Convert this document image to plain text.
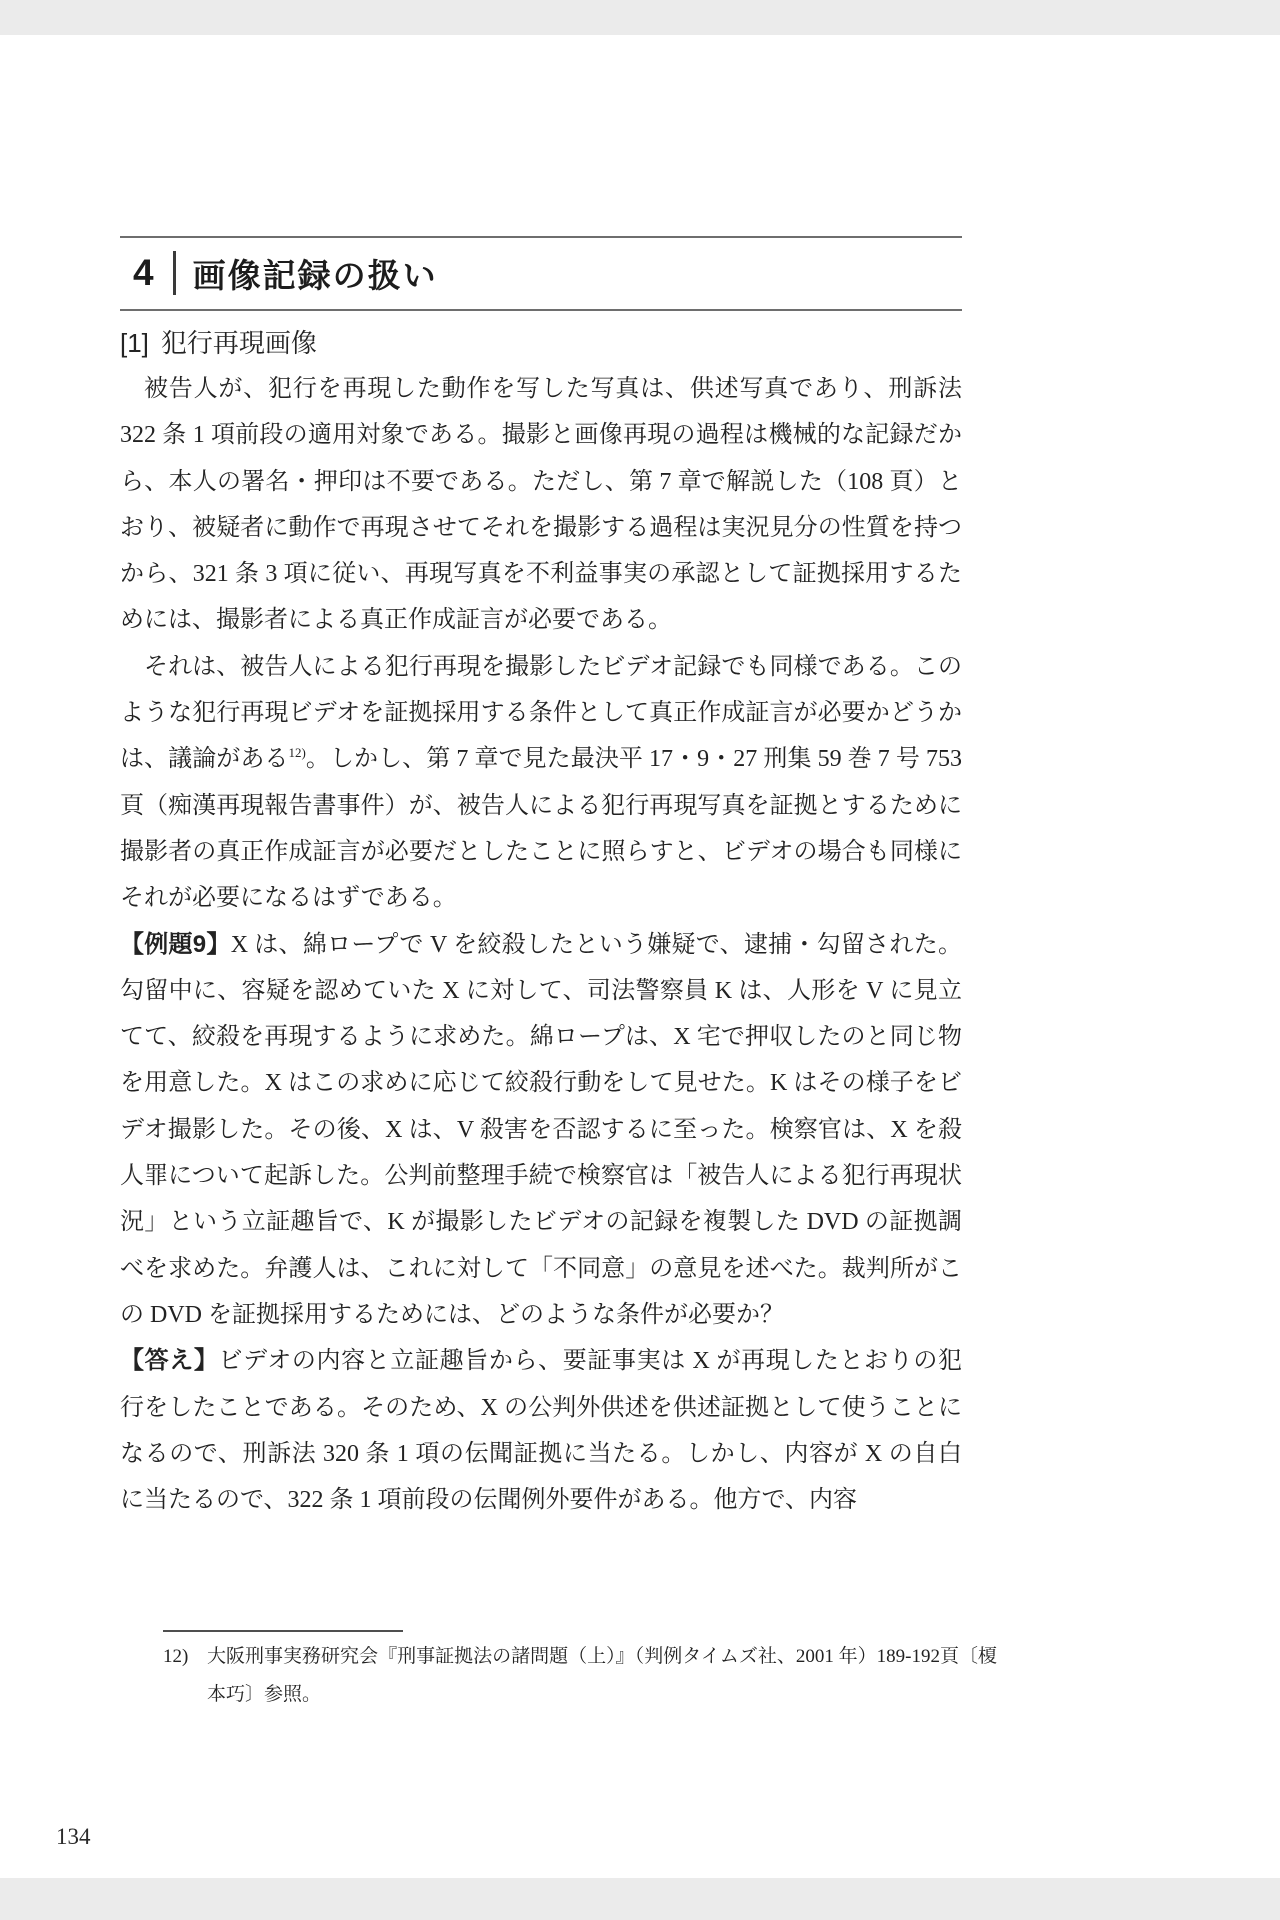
4 画像記録の扱い
[1] 犯行再現画像

被告人が、犯行を再現した動作を写した写真は、供述写真であり、刑訴法 322 条 1 項前段の適用対象である。撮影と画像再現の過程は機械的な記録だから、本人の署名・押印は不要である。ただし、第 7 章で解説した（108 頁）とおり、被疑者に動作で再現させてそれを撮影する過程は実況見分の性質を持つから、321 条 3 項に従い、再現写真を不利益事実の承認として証拠採用するためには、撮影者による真正作成証言が必要である。

それは、被告人による犯行再現を撮影したビデオ記録でも同様である。このような犯行再現ビデオを証拠採用する条件として真正作成証言が必要かどうかは、議論がある$^{12)}$。しかし、第 7 章で見た最決平 17・9・27 刑集 59 巻 7 号 753 頁（痴漢再現報告書事件）が、被告人による犯行再現写真を証拠とするために撮影者の真正作成証言が必要だとしたことに照らすと、ビデオの場合も同様にそれが必要になるはずである。

【例題9】X は、綿ロープで V を絞殺したという嫌疑で、逮捕・勾留された。勾留中に、容疑を認めていた X に対して、司法警察員 K は、人形を V に見立てて、絞殺を再現するように求めた。綿ロープは、X 宅で押収したのと同じ物を用意した。X はこの求めに応じて絞殺行動をして見せた。K はその様子をビデオ撮影した。その後、X は、V 殺害を否認するに至った。検察官は、X を殺人罪について起訴した。公判前整理手続で検察官は「被告人による犯行再現状況」という立証趣旨で、K が撮影したビデオの記録を複製した DVD の証拠調べを求めた。弁護人は、これに対して「不同意」の意見を述べた。裁判所がこの DVD を証拠採用するためには、どのような条件が必要か？

【答え】ビデオの内容と立証趣旨から、要証事実は X が再現したとおりの犯行をしたことである。そのため、X の公判外供述を供述証拠として使うことになるので、刑訴法 320 条 1 項の伝聞証拠に当たる。しかし、内容が X の自白に当たるので、322 条 1 項前段の伝聞例外要件がある。他方で、内容

12) 大阪刑事実務研究会『刑事証拠法の諸問題（上）』（判例タイムズ社、2001 年）189-192頁〔榎本巧〕参照。
134
